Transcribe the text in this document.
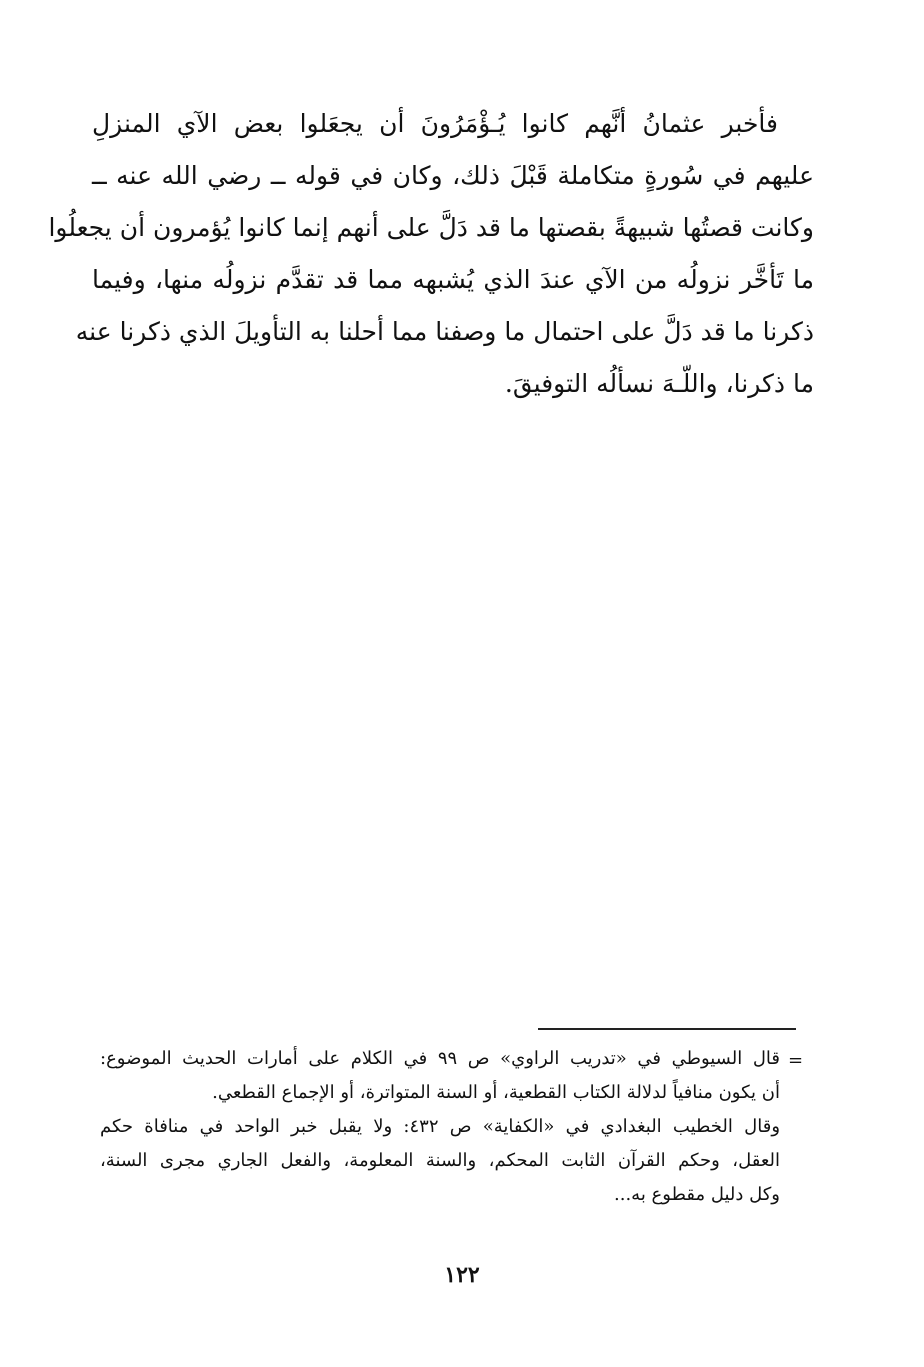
فأخبر عثمانُ أنَّهم كانوا يُـؤْمَرُونَ أن يجعَلوا بعض الآي المنزلِ
عليهم في سُورةٍ متكاملة قَبْلَ ذلك، وكان في قوله ــ رضي الله عنه ــ
وكانت قصتُها شبيهةً بقصتها ما قد دَلَّ على أنهم إنما كانوا يُؤمرون أن يجعلُوا
ما تَأخَّر نزولُه من الآي عندَ الذي يُشبهه مما قد تقدَّم نزولُه منها، وفيما
ذكرنا ما قد دَلَّ على احتمال ما وصفنا مما أحلنا به التأويلَ الذي ذكرنا عنه
ما ذكرنا، واللّـهَ نسألُه التوفيقَ.
=
قال السيوطي في «تدريب الراوي» ص ٩٩ في الكلام على أمارات الحديث الموضوع:
أن يكون منافياً لدلالة الكتاب القطعية، أو السنة المتواترة، أو الإجماع القطعي.
وقال الخطيب البغدادي في «الكفاية» ص ٤٣٢: ولا يقبل خبر الواحد في منافاة حكم
العقل، وحكم القرآن الثابت المحكم، والسنة المعلومة، والفعل الجاري مجرى السنة،
وكل دليل مقطوع به...
١٢٢
